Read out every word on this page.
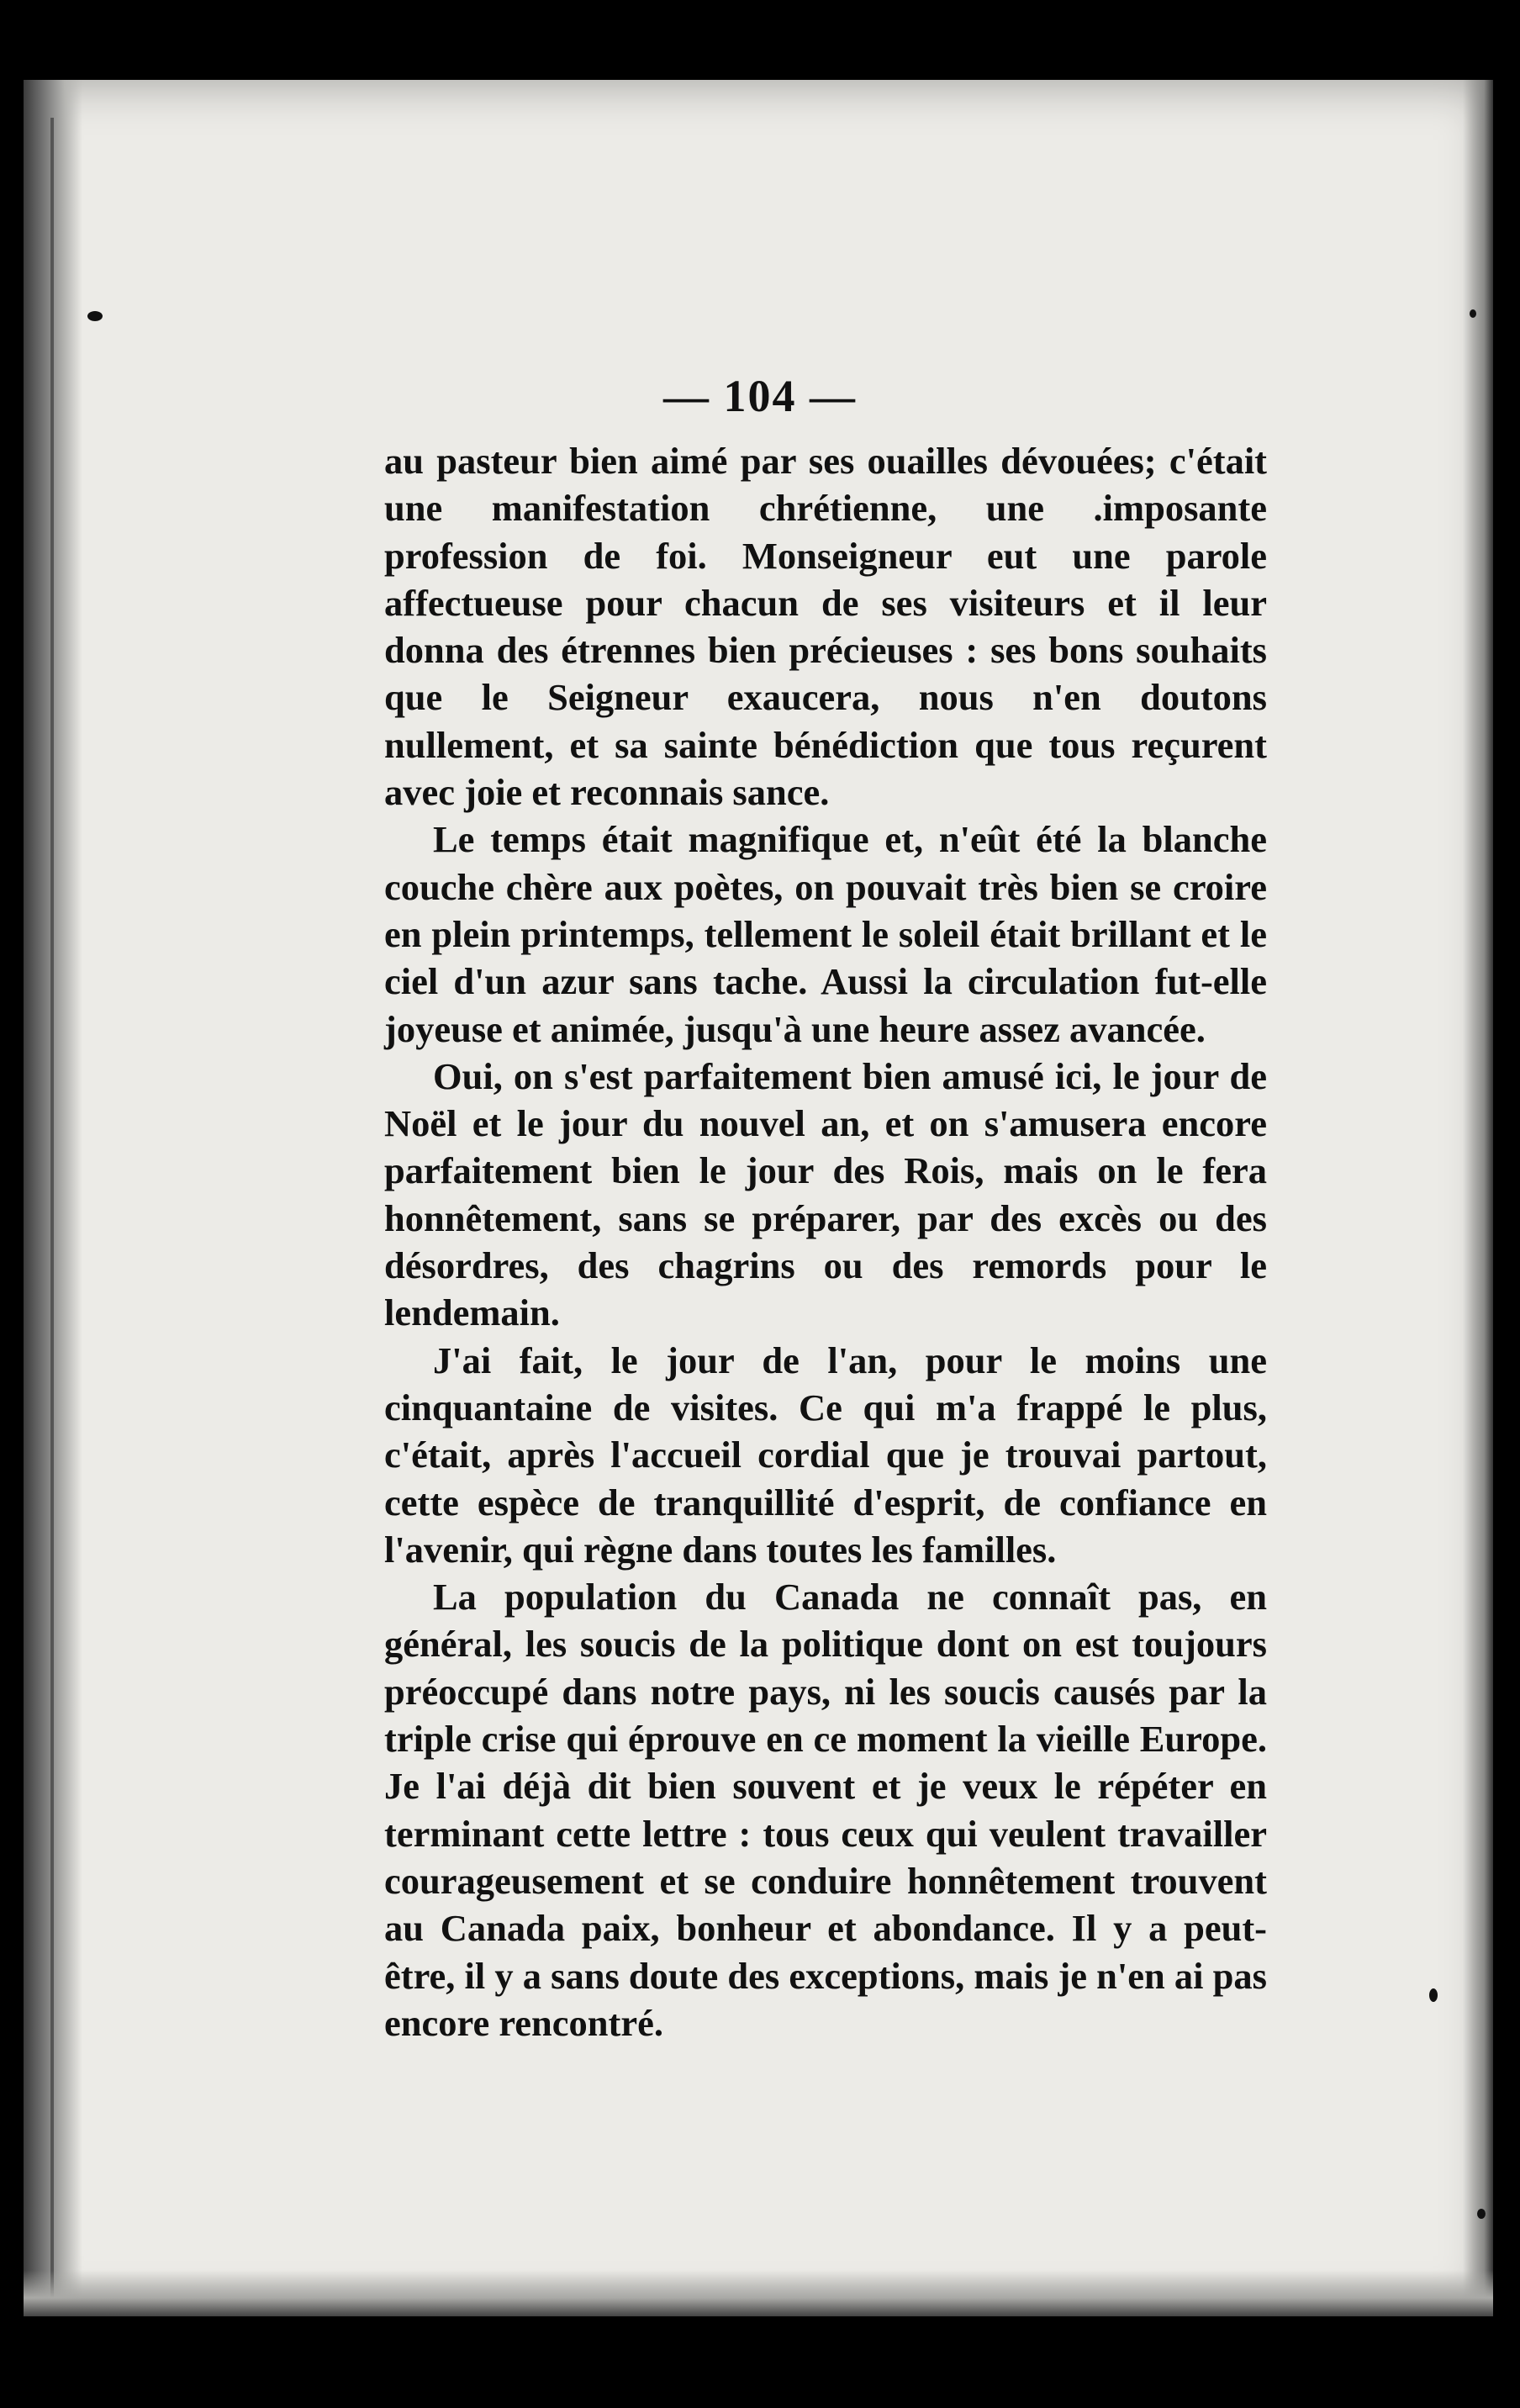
— 104 —

au pasteur bien aimé par ses ouailles dévouées; c'était une manifestation chrétienne, une .imposante profession de foi. Monseigneur eut une parole affectueuse pour chacun de ses visiteurs et il leur donna des étrennes bien précieuses : ses bons souhaits que le Seigneur exaucera, nous n'en doutons nullement, et sa sainte bénédiction que tous reçurent avec joie et reconnais sance.

Le temps était magnifique et, n'eût été la blanche couche chère aux poètes, on pouvait très bien se croire en plein printemps, tellement le soleil était brillant et le ciel d'un azur sans tache. Aussi la circulation fut-elle joyeuse et animée, jusqu'à une heure assez avancée.

Oui, on s'est parfaitement bien amusé ici, le jour de Noël et le jour du nouvel an, et on s'amusera encore parfaitement bien le jour des Rois, mais on le fera honnêtement, sans se préparer, par des excès ou des désordres, des chagrins ou des remords pour le lendemain.

J'ai fait, le jour de l'an, pour le moins une cinquantaine de visites. Ce qui m'a frappé le plus, c'était, après l'accueil cordial que je trouvai partout, cette espèce de tranquillité d'esprit, de confiance en l'avenir, qui règne dans toutes les familles.

La population du Canada ne connaît pas, en général, les soucis de la politique dont on est toujours préoccupé dans notre pays, ni les soucis causés par la triple crise qui éprouve en ce moment la vieille Europe. Je l'ai déjà dit bien souvent et je veux le répéter en terminant cette lettre : tous ceux qui veulent travailler courageusement et se conduire honnêtement trouvent au Canada paix, bonheur et abondance. Il y a peut-être, il y a sans doute des exceptions, mais je n'en ai pas encore rencontré.
